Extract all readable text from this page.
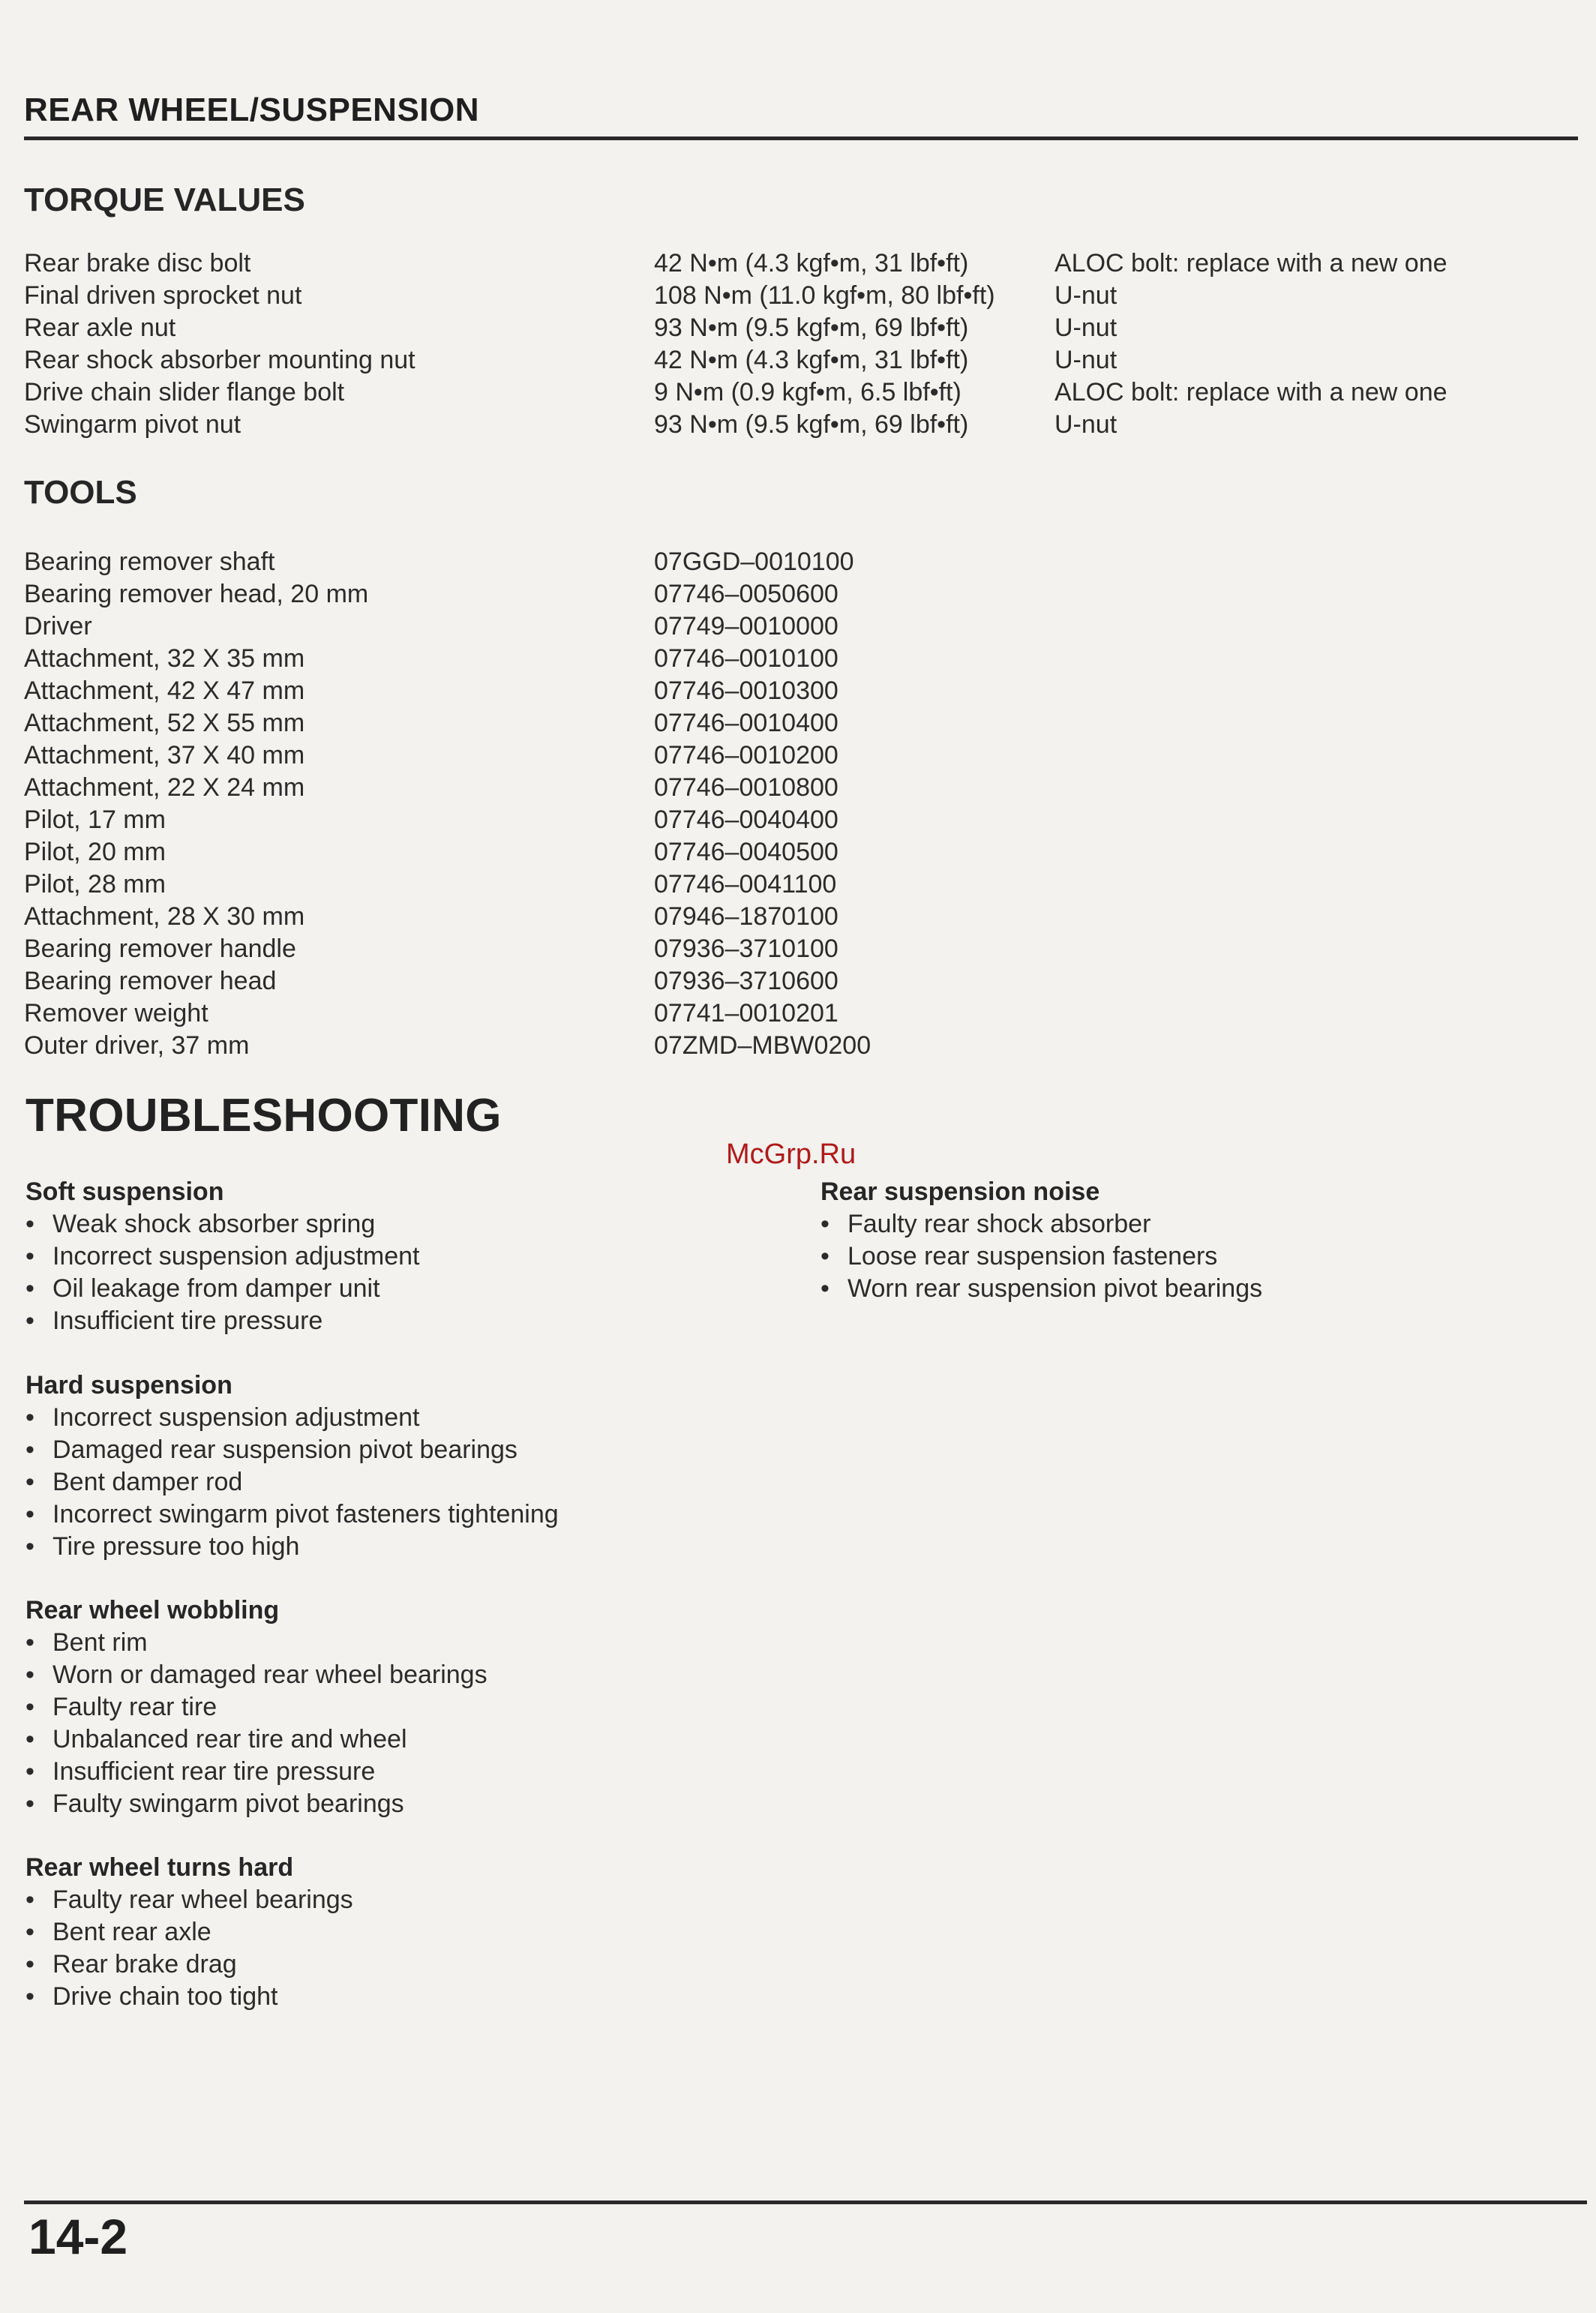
REAR WHEEL/SUSPENSION
TORQUE VALUES
Rear brake disc bolt	42 N•m (4.3 kgf•m, 31 lbf•ft)	ALOC bolt: replace with a new one
Final driven sprocket nut	108 N•m (11.0 kgf•m, 80 lbf•ft) U-nut
Rear axle nut	93 N•m (9.5 kgf•m, 69 lbf•ft)	U-nut
Rear shock absorber mounting nut	42 N•m (4.3 kgf•m, 31 lbf•ft)	U-nut
Drive chain slider flange bolt	9 N•m (0.9 kgf•m, 6.5 lbf•ft)	ALOC bolt: replace with a new one
Swingarm pivot nut	93 N•m (9.5 kgf•m, 69 lbf•ft)	U-nut
TOOLS
Bearing remover shaft	07GGD–0010100
Bearing remover head, 20 mm	07746–0050600
Driver	07749–0010000
Attachment, 32 X 35 mm	07746–0010100
Attachment, 42 X 47 mm	07746–0010300
Attachment, 52 X 55 mm	07746–0010400
Attachment, 37 X 40 mm	07746–0010200
Attachment, 22 X 24 mm	07746–0010800
Pilot, 17 mm	07746–0040400
Pilot, 20 mm	07746–0040500
Pilot, 28 mm	07746–0041100
Attachment, 28 X 30 mm	07946–1870100
Bearing remover handle	07936–3710100
Bearing remover head	07936–3710600
Remover weight	07741–0010201
Outer driver, 37 mm	07ZMD–MBW0200
TROUBLESHOOTING
McGrp.Ru
Soft suspension
• Weak shock absorber spring
• Incorrect suspension adjustment
• Oil leakage from damper unit
• Insufficient tire pressure
Hard suspension
• Incorrect suspension adjustment
• Damaged rear suspension pivot bearings
• Bent damper rod
• Incorrect swingarm pivot fasteners tightening
• Tire pressure too high
Rear wheel wobbling
• Bent rim
• Worn or damaged rear wheel bearings
• Faulty rear tire
• Unbalanced rear tire and wheel
• Insufficient rear tire pressure
• Faulty swingarm pivot bearings
Rear wheel turns hard
• Faulty rear wheel bearings
• Bent rear axle
• Rear brake drag
• Drive chain too tight
Rear suspension noise
• Faulty rear shock absorber
• Loose rear suspension fasteners
• Worn rear suspension pivot bearings
14-2
